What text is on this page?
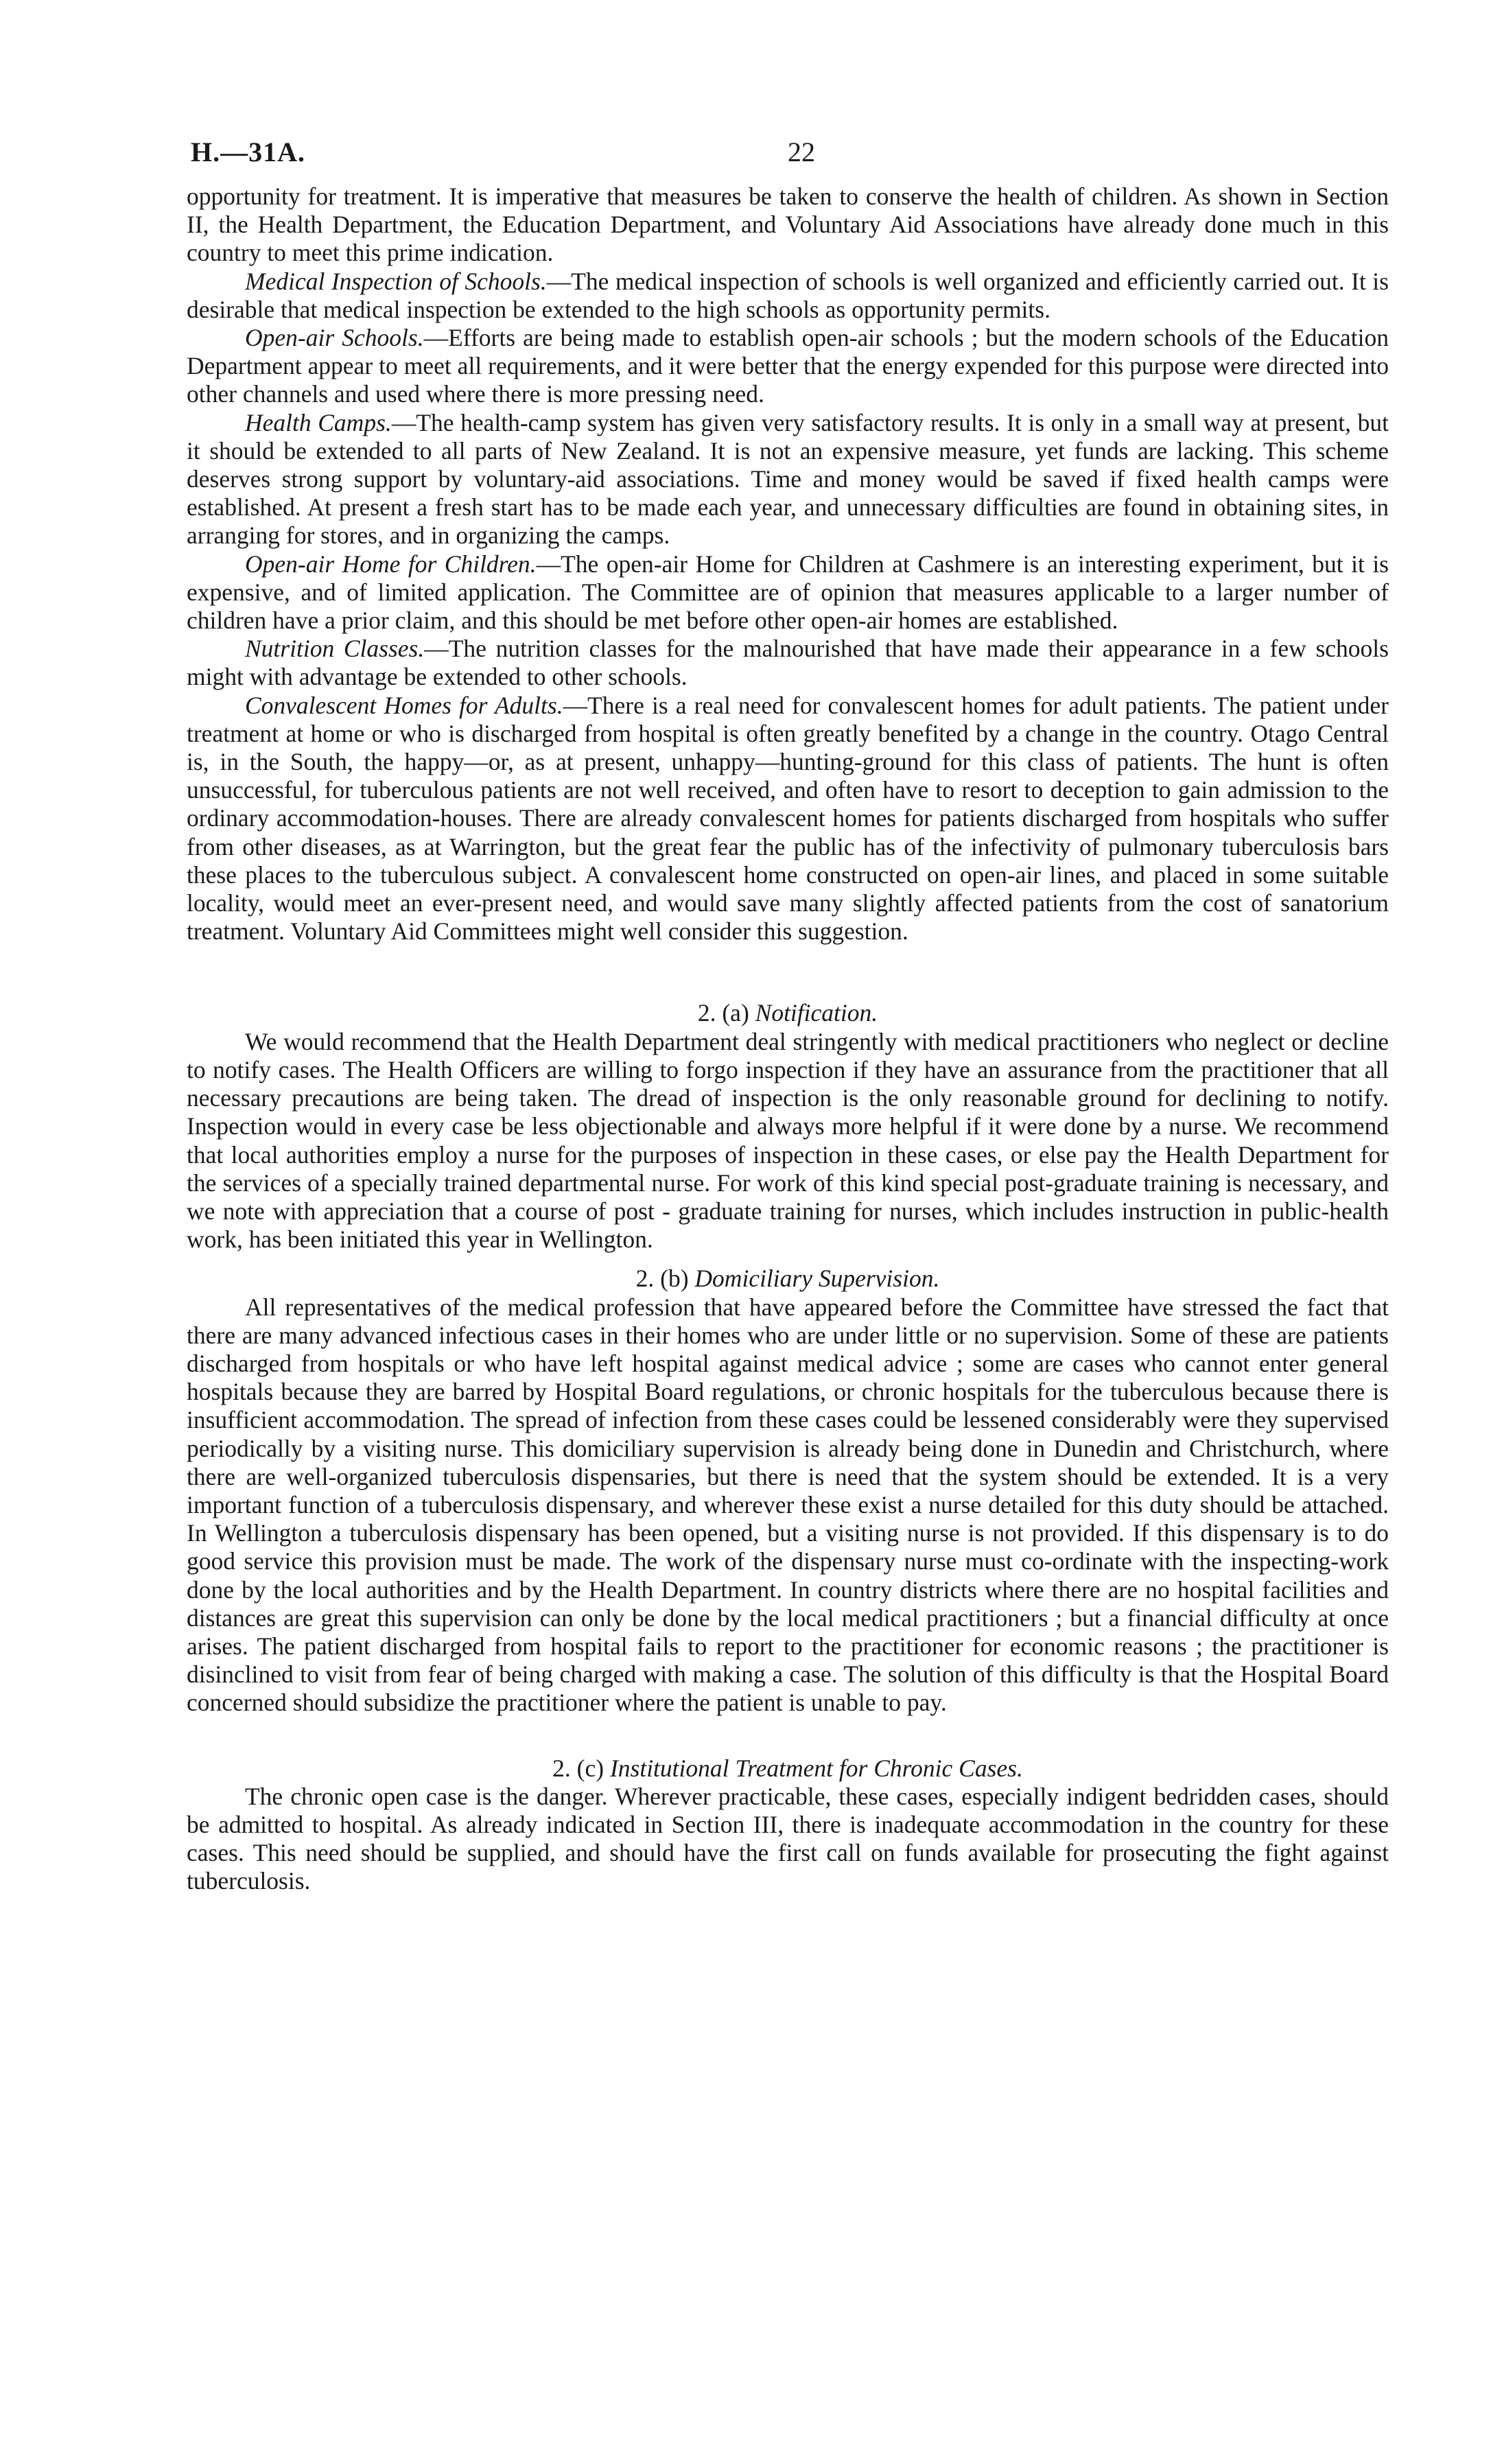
H.—31A.	22

opportunity for treatment. It is imperative that measures be taken to conserve the health of children. As shown in Section II, the Health Department, the Education Department, and Voluntary Aid Associations have already done much in this country to meet this prime indication.

Medical Inspection of Schools.—The medical inspection of schools is well organized and efficiently carried out. It is desirable that medical inspection be extended to the high schools as opportunity permits.

Open-air Schools.—Efforts are being made to establish open-air schools ; but the modern schools of the Education Department appear to meet all requirements, and it were better that the energy expended for this purpose were directed into other channels and used where there is more pressing need.

Health Camps.—The health-camp system has given very satisfactory results. It is only in a small way at present, but it should be extended to all parts of New Zealand. It is not an expensive measure, yet funds are lacking. This scheme deserves strong support by voluntary-aid associations. Time and money would be saved if fixed health camps were established. At present a fresh start has to be made each year, and unnecessary difficulties are found in obtaining sites, in arranging for stores, and in organizing the camps.

Open-air Home for Children.—The open-air Home for Children at Cashmere is an interesting experiment, but it is expensive, and of limited application. The Committee are of opinion that measures applicable to a larger number of children have a prior claim, and this should be met before other open-air homes are established.

Nutrition Classes.—The nutrition classes for the malnourished that have made their appearance in a few schools might with advantage be extended to other schools.

Convalescent Homes for Adults.—There is a real need for convalescent homes for adult patients. The patient under treatment at home or who is discharged from hospital is often greatly benefited by a change in the country. Otago Central is, in the South, the happy—or, as at present, unhappy—hunting-ground for this class of patients. The hunt is often unsuccessful, for tuberculous patients are not well received, and often have to resort to deception to gain admission to the ordinary accommodation-houses. There are already convalescent homes for patients discharged from hospitals who suffer from other diseases, as at Warrington, but the great fear the public has of the infectivity of pulmonary tuberculosis bars these places to the tuberculous subject. A convalescent home constructed on open-air lines, and placed in some suitable locality, would meet an ever-present need, and would save many slightly affected patients from the cost of sanatorium treatment. Voluntary Aid Committees might well consider this suggestion.

2. (a) Notification.

We would recommend that the Health Department deal stringently with medical practitioners who neglect or decline to notify cases. The Health Officers are willing to forgo inspection if they have an assurance from the practitioner that all necessary precautions are being taken. The dread of inspection is the only reasonable ground for declining to notify. Inspection would in every case be less objectionable and always more helpful if it were done by a nurse. We recommend that local authorities employ a nurse for the purposes of inspection in these cases, or else pay the Health Department for the services of a specially trained departmental nurse. For work of this kind special post-graduate training is necessary, and we note with appreciation that a course of post - graduate training for nurses, which includes instruction in public-health work, has been initiated this year in Wellington.

2. (b) Domiciliary Supervision.

All representatives of the medical profession that have appeared before the Committee have stressed the fact that there are many advanced infectious cases in their homes who are under little or no supervision. Some of these are patients discharged from hospitals or who have left hospital against medical advice ; some are cases who cannot enter general hospitals because they are barred by Hospital Board regulations, or chronic hospitals for the tuberculous because there is insufficient accommodation. The spread of infection from these cases could be lessened considerably were they supervised periodically by a visiting nurse. This domiciliary supervision is already being done in Dunedin and Christchurch, where there are well-organized tuberculosis dispensaries, but there is need that the system should be extended. It is a very important function of a tuberculosis dispensary, and wherever these exist a nurse detailed for this duty should be attached. In Wellington a tuberculosis dispensary has been opened, but a visiting nurse is not provided. If this dispensary is to do good service this provision must be made. The work of the dispensary nurse must co-ordinate with the inspecting-work done by the local authorities and by the Health Department. In country districts where there are no hospital facilities and distances are great this supervision can only be done by the local medical practitioners ; but a financial difficulty at once arises. The patient discharged from hospital fails to report to the practitioner for economic reasons ; the practitioner is disinclined to visit from fear of being charged with making a case. The solution of this difficulty is that the Hospital Board concerned should subsidize the practitioner where the patient is unable to pay.

2. (c) Institutional Treatment for Chronic Cases.

The chronic open case is the danger. Wherever practicable, these cases, especially indigent bedridden cases, should be admitted to hospital. As already indicated in Section III, there is inadequate accommodation in the country for these cases. This need should be supplied, and should have the first call on funds available for prosecuting the fight against tuberculosis.
